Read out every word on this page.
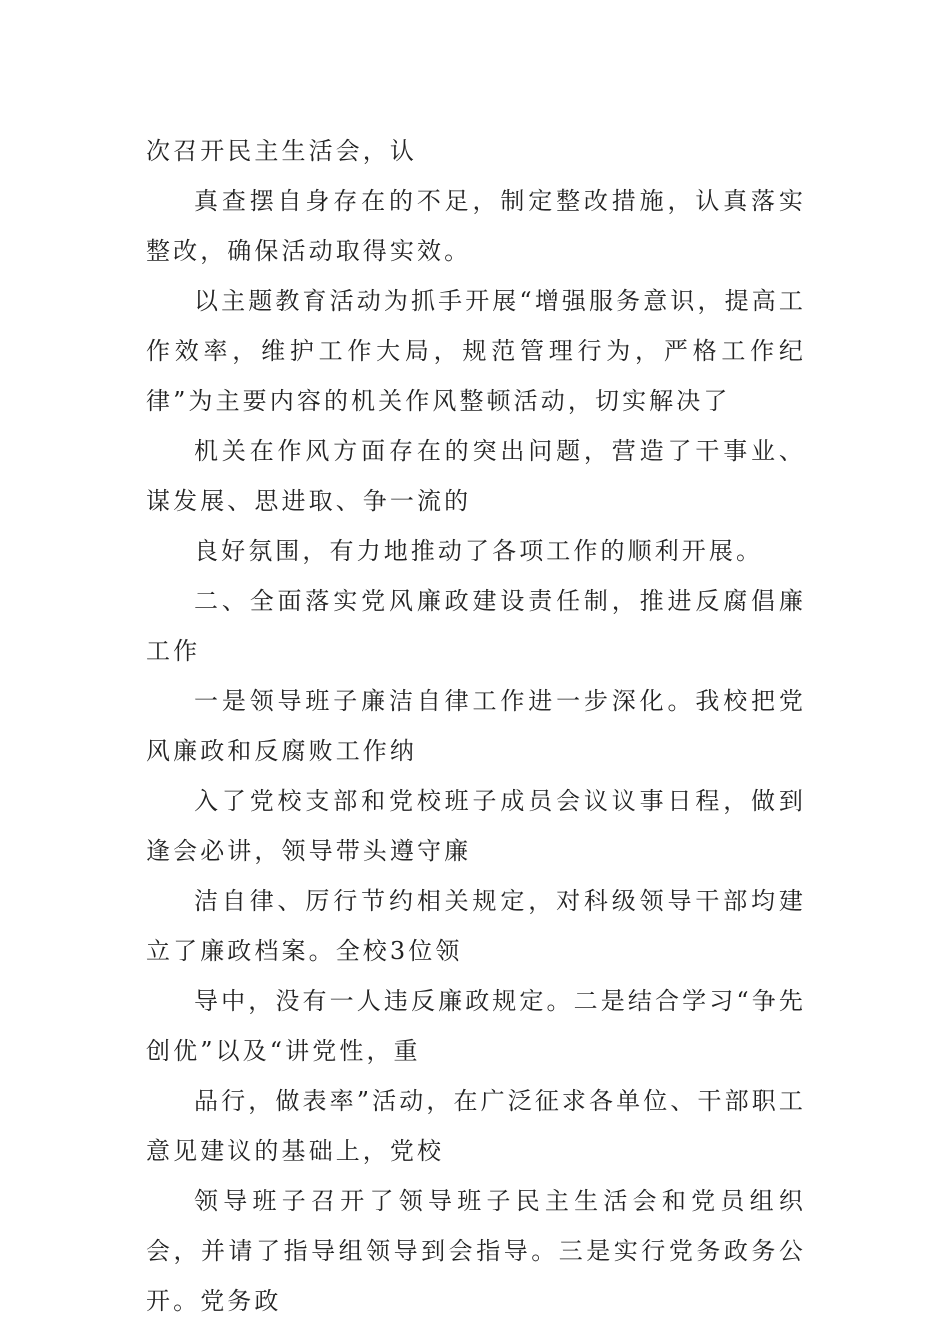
次召开民主生活会，认

真查摆自身存在的不足，制定整改措施，认真落实整改，确保活动取得实效。

以主题教育活动为抓手开展“增强服务意识，提高工作效率，维护工作大局，规范管理行为，严格工作纪律”为主要内容的机关作风整顿活动，切实解决了

机关在作风方面存在的突出问题，营造了干事业、谋发展、思进取、争一流的

良好氛围，有力地推动了各项工作的顺利开展。

二、全面落实党风廉政建设责任制，推进反腐倡廉工作

一是领导班子廉洁自律工作进一步深化。我校把党风廉政和反腐败工作纳

入了党校支部和党校班子成员会议议事日程，做到逢会必讲，领导带头遵守廉

洁自律、厉行节约相关规定，对科级领导干部均建立了廉政档案。全校3位领

导中，没有一人违反廉政规定。二是结合学习“争先创优”以及“讲党性，重

品行，做表率”活动，在广泛征求各单位、干部职工意见建议的基础上，党校

领导班子召开了领导班子民主生活会和党员组织会，并请了指导组领导到会指导。三是实行党务政务公开。党务政
